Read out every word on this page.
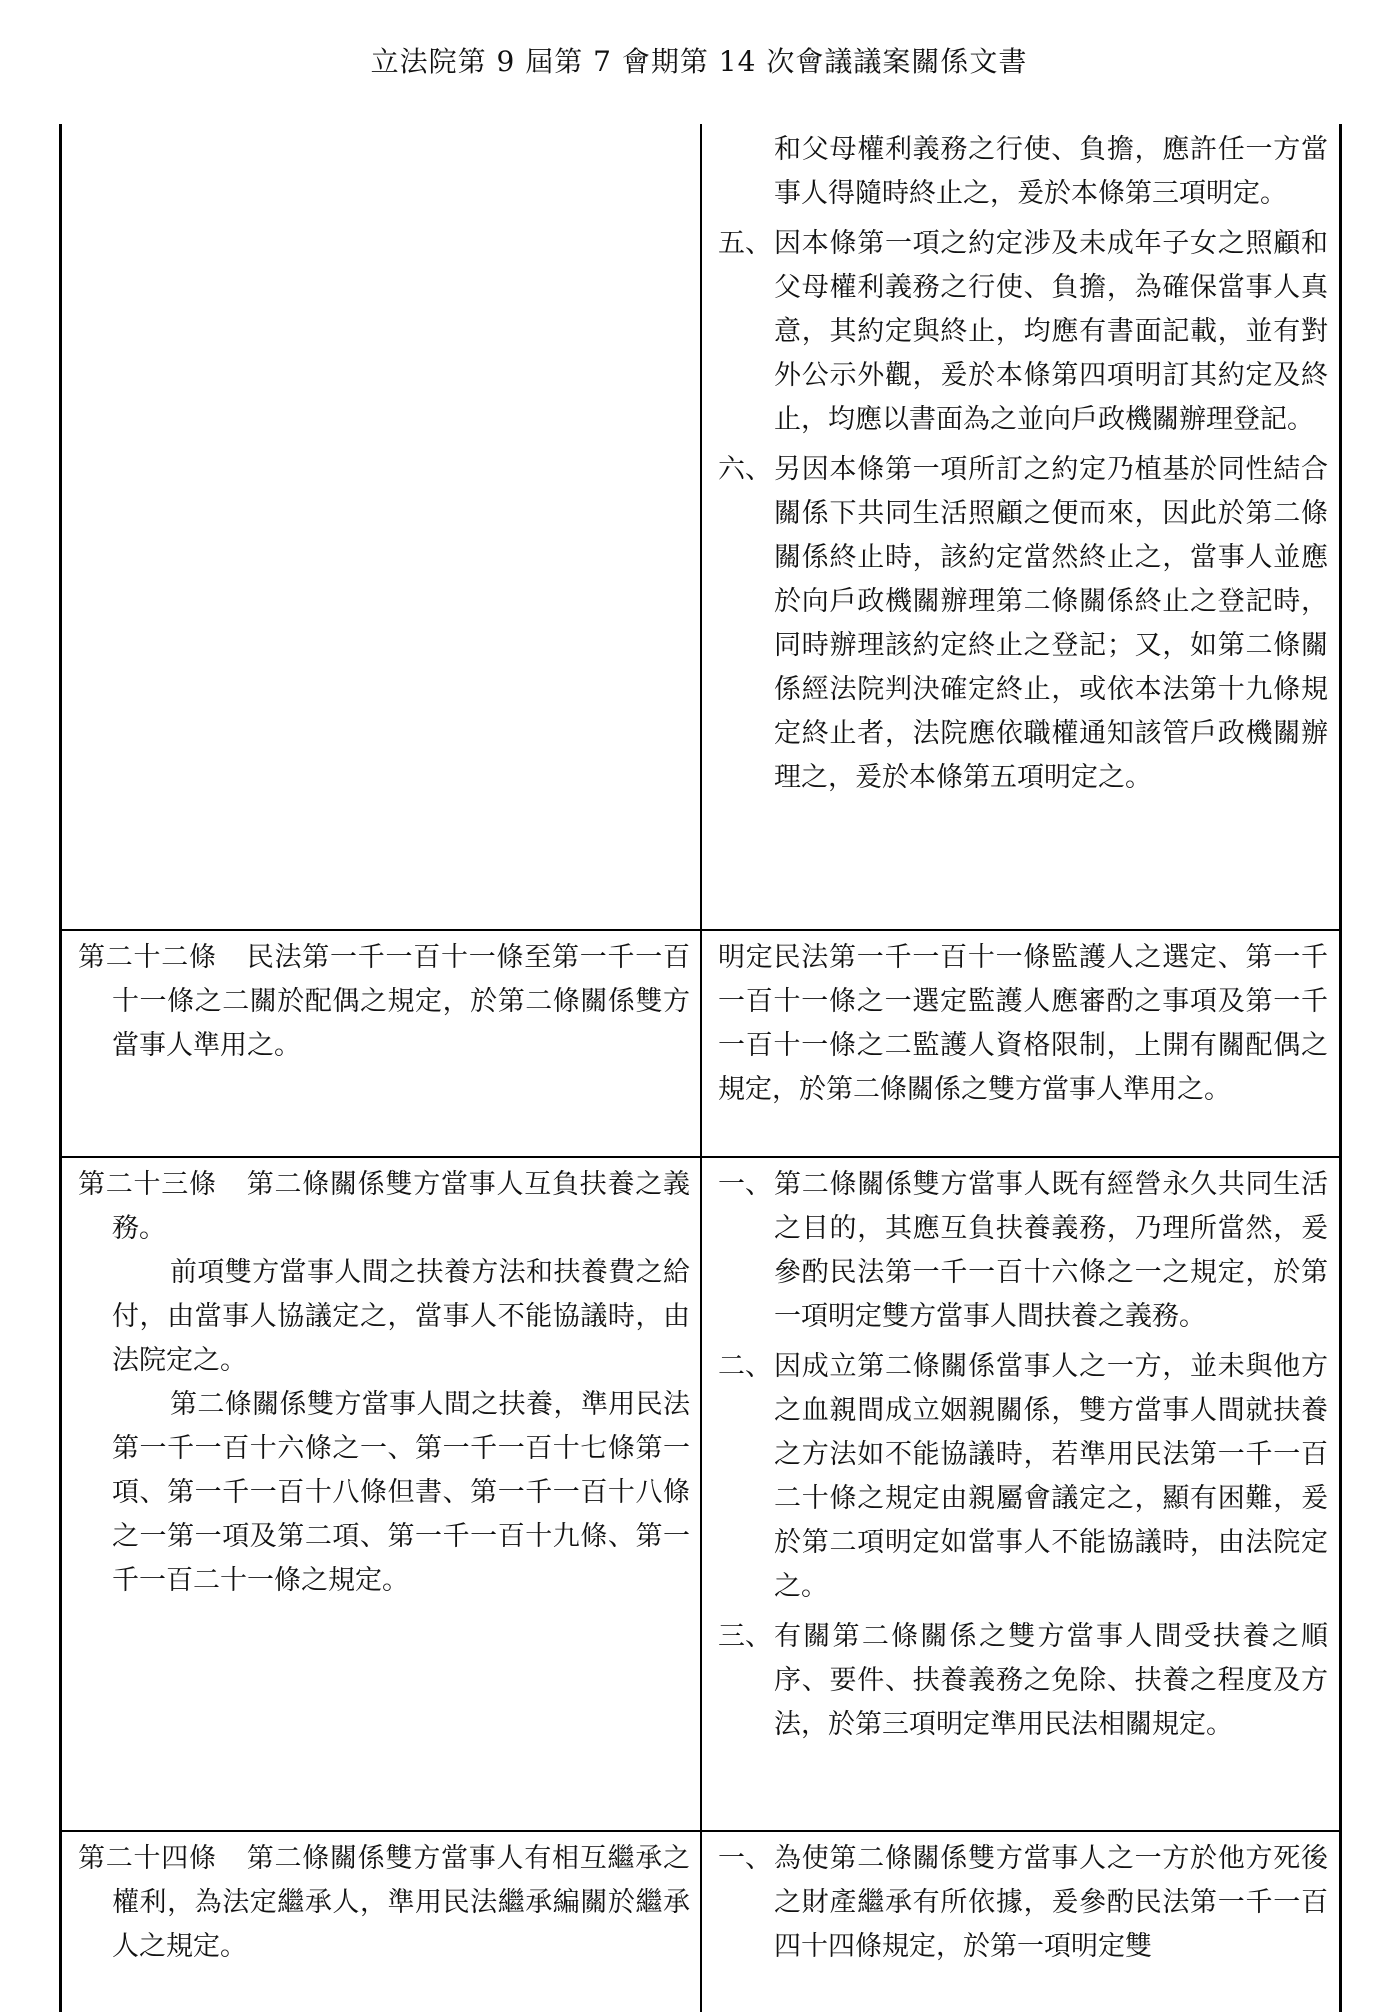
立法院第 9 屆第 7 會期第 14 次會議議案關係文書
和父母權利義務之行使、負擔，應許任一方當事人得隨時終止之，爰於本條第三項明定。
五、 因本條第一項之約定涉及未成年子女之照顧和父母權利義務之行使、負擔，為確保當事人真意，其約定與終止，均應有書面記載，並有對外公示外觀，爰於本條第四項明訂其約定及終止，均應以書面為之並向戶政機關辦理登記。
六、 另因本條第一項所訂之約定乃植基於同性結合關係下共同生活照顧之便而來，因此於第二條關係終止時，該約定當然終止之，當事人並應於向戶政機關辦理第二條關係終止之登記時，同時辦理該約定終止之登記；又，如第二條關係經法院判決確定終止，或依本法第十九條規定終止者，法院應依職權通知該管戶政機關辦理之，爰於本條第五項明定之。

第二十二條 民法第一千一百十一條至第一千一百十一條之二關於配偶之規定，於第二條關係雙方當事人準用之。

明定民法第一千一百十一條監護人之選定、第一千一百十一條之一選定監護人應審酌之事項及第一千一百十一條之二監護人資格限制，上開有關配偶之規定，於第二條關係之雙方當事人準用之。

第二十三條 第二條關係雙方當事人互負扶養之義務。

前項雙方當事人間之扶養方法和扶養費之給付，由當事人協議定之，當事人不能協議時，由法院定之。

第二條關係雙方當事人間之扶養，準用民法第一千一百十六條之一、第一千一百十七條第一項、第一千一百十八條但書、第一千一百十八條之一第一項及第二項、第一千一百十九條、第一千一百二十一條之規定。

一、 第二條關係雙方當事人既有經營永久共同生活之目的，其應互負扶養義務，乃理所當然，爰參酌民法第一千一百十六條之一之規定，於第一項明定雙方當事人間扶養之義務。
二、 因成立第二條關係當事人之一方，並未與他方之血親間成立姻親關係，雙方當事人間就扶養之方法如不能協議時，若準用民法第一千一百二十條之規定由親屬會議定之，顯有困難，爰於第二項明定如當事人不能協議時，由法院定之。
三、 有關第二條關係之雙方當事人間受扶養之順序、要件、扶養義務之免除、扶養之程度及方法，於第三項明定準用民法相關規定。

第二十四條 第二條關係雙方當事人有相互繼承之權利，為法定繼承人，準用民法繼承編關於繼承人之規定。

一、 為使第二條關係雙方當事人之一方於他方死後之財產繼承有所依據，爰參酌民法第一千一百四十四條規定，於第一項明定雙
